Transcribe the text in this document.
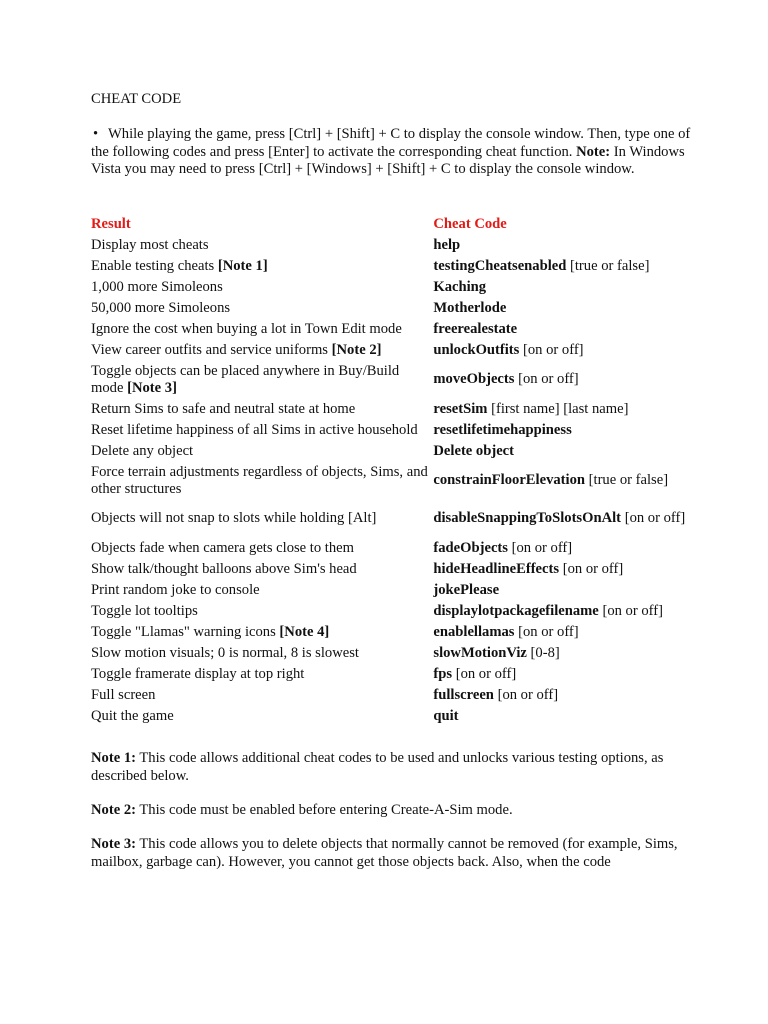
CHEAT CODE
• While playing the game, press [Ctrl] + [Shift] + C to display the console window. Then, type one of the following codes and press [Enter] to activate the corresponding cheat function. Note: In Windows Vista you may need to press [Ctrl] + [Windows] + [Shift] + C to display the console window.
Result	Cheat Code
Display most cheats	help
Enable testing cheats [Note 1]	testingCheatsenabled [true or false]
1,000 more Simoleons	Kaching
50,000 more Simoleons	Motherlode
Ignore the cost when buying a lot in Town Edit mode	freerealestate
View career outfits and service uniforms [Note 2]	unlockOutfits [on or off]
Toggle objects can be placed anywhere in Buy/Build mode [Note 3]	moveObjects [on or off]
Return Sims to safe and neutral state at home	resetSim [first name] [last name]
Reset lifetime happiness of all Sims in active household	resetlifetimehappiness
Delete any object	Delete object
Force terrain adjustments regardless of objects, Sims, and other structures	constrainFloorElevation [true or false]
Objects will not snap to slots while holding [Alt]	disableSnappingToSlotsOnAlt [on or off]
Objects fade when camera gets close to them	fadeObjects [on or off]
Show talk/thought balloons above Sim's head	hideHeadlineEffects [on or off]
Print random joke to console	jokePlease
Toggle lot tooltips	displaylotpackagefilename [on or off]
Toggle "Llamas" warning icons [Note 4]	enablellamas [on or off]
Slow motion visuals; 0 is normal, 8 is slowest	slowMotionViz [0-8]
Toggle framerate display at top right	fps [on or off]
Full screen	fullscreen [on or off]
Quit the game	quit
Note 1: This code allows additional cheat codes to be used and unlocks various testing options, as described below.
Note 2: This code must be enabled before entering Create-A-Sim mode.
Note 3: This code allows you to delete objects that normally cannot be removed (for example, Sims, mailbox, garbage can). However, you cannot get those objects back. Also, when the code
